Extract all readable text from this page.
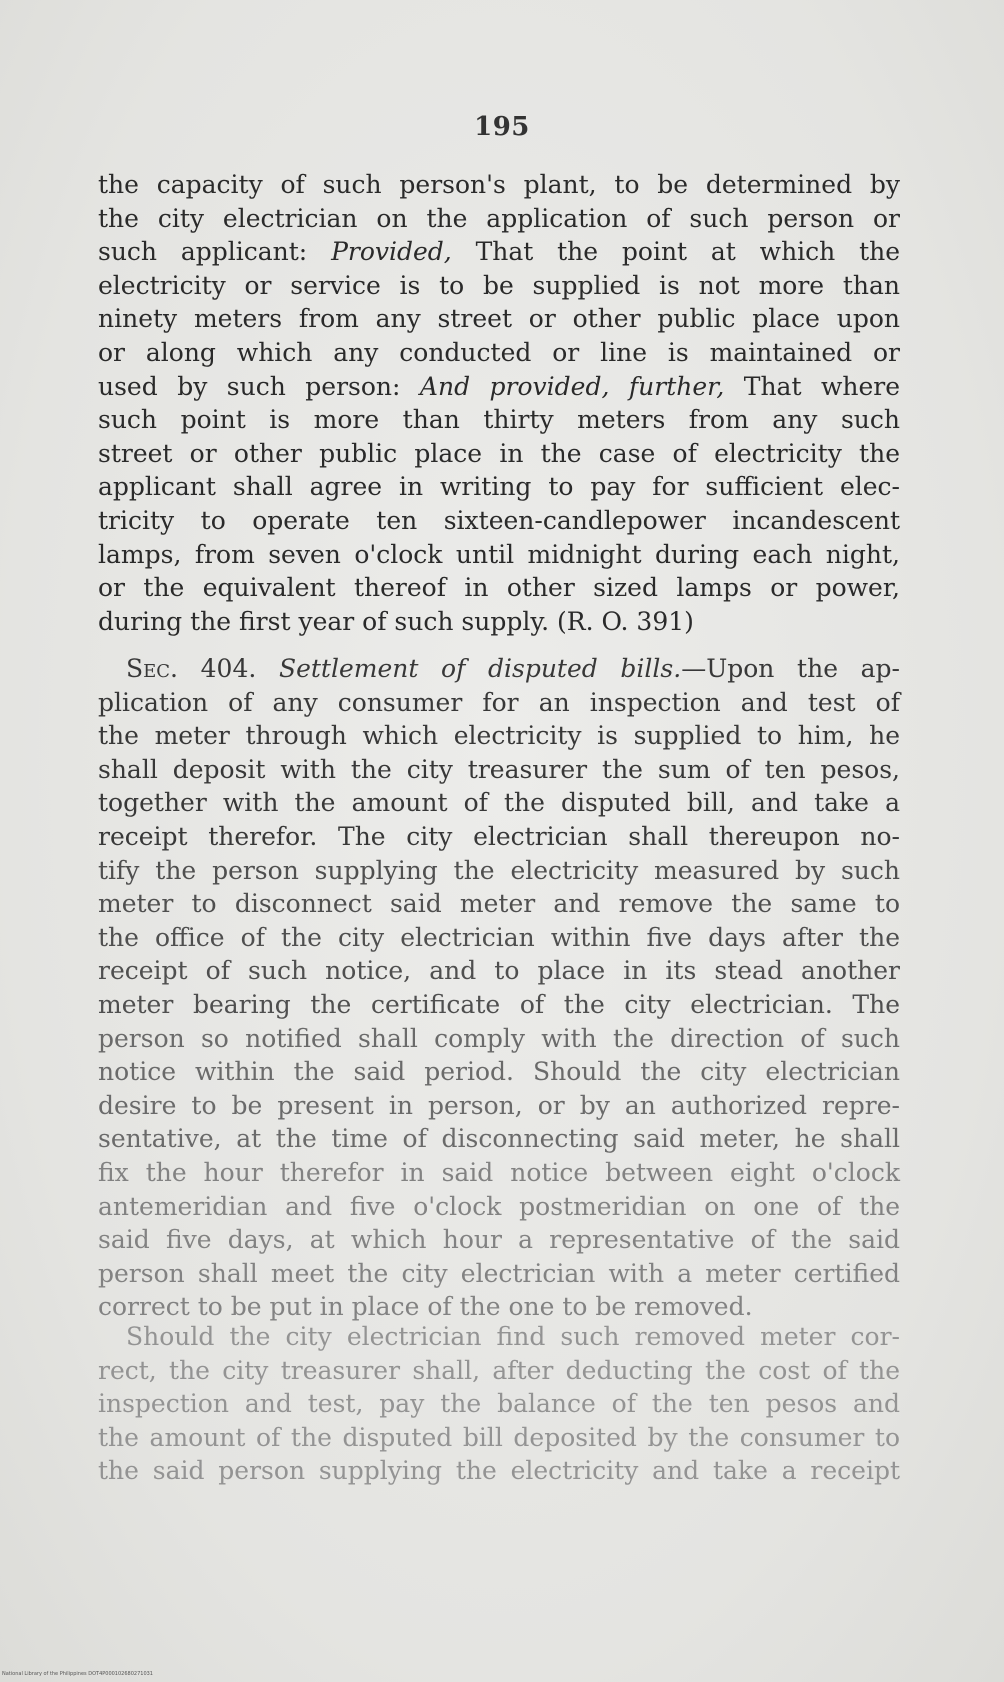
195
the capacity of such person's plant, to be determined by
the city electrician on the application of such person or
such applicant: Provided, That the point at which the
electricity or service is to be supplied is not more than
ninety meters from any street or other public place upon
or along which any conducted or line is maintained or
used by such person: And provided, further, That where
such point is more than thirty meters from any such
street or other public place in the case of electricity the
applicant shall agree in writing to pay for sufficient elec-
tricity to operate ten sixteen-candlepower incandescent
lamps, from seven o'clock until midnight during each night,
or the equivalent thereof in other sized lamps or power,
during the first year of such supply. (R. O. 391)
Sec. 404. Settlement of disputed bills.—Upon the ap-
plication of any consumer for an inspection and test of
the meter through which electricity is supplied to him, he
shall deposit with the city treasurer the sum of ten pesos,
together with the amount of the disputed bill, and take a
receipt therefor. The city electrician shall thereupon no-
tify the person supplying the electricity measured by such
meter to disconnect said meter and remove the same to
the office of the city electrician within five days after the
receipt of such notice, and to place in its stead another
meter bearing the certificate of the city electrician. The
person so notified shall comply with the direction of such
notice within the said period. Should the city electrician
desire to be present in person, or by an authorized repre-
sentative, at the time of disconnecting said meter, he shall
fix the hour therefor in said notice between eight o'clock
antemeridian and five o'clock postmeridian on one of the
said five days, at which hour a representative of the said
person shall meet the city electrician with a meter certified
correct to be put in place of the one to be removed.
Should the city electrician find such removed meter cor-
rect, the city treasurer shall, after deducting the cost of the
inspection and test, pay the balance of the ten pesos and
the amount of the disputed bill deposited by the consumer to
the said person supplying the electricity and take a receipt
National Library of the Philippines DOT4P000102680271031
